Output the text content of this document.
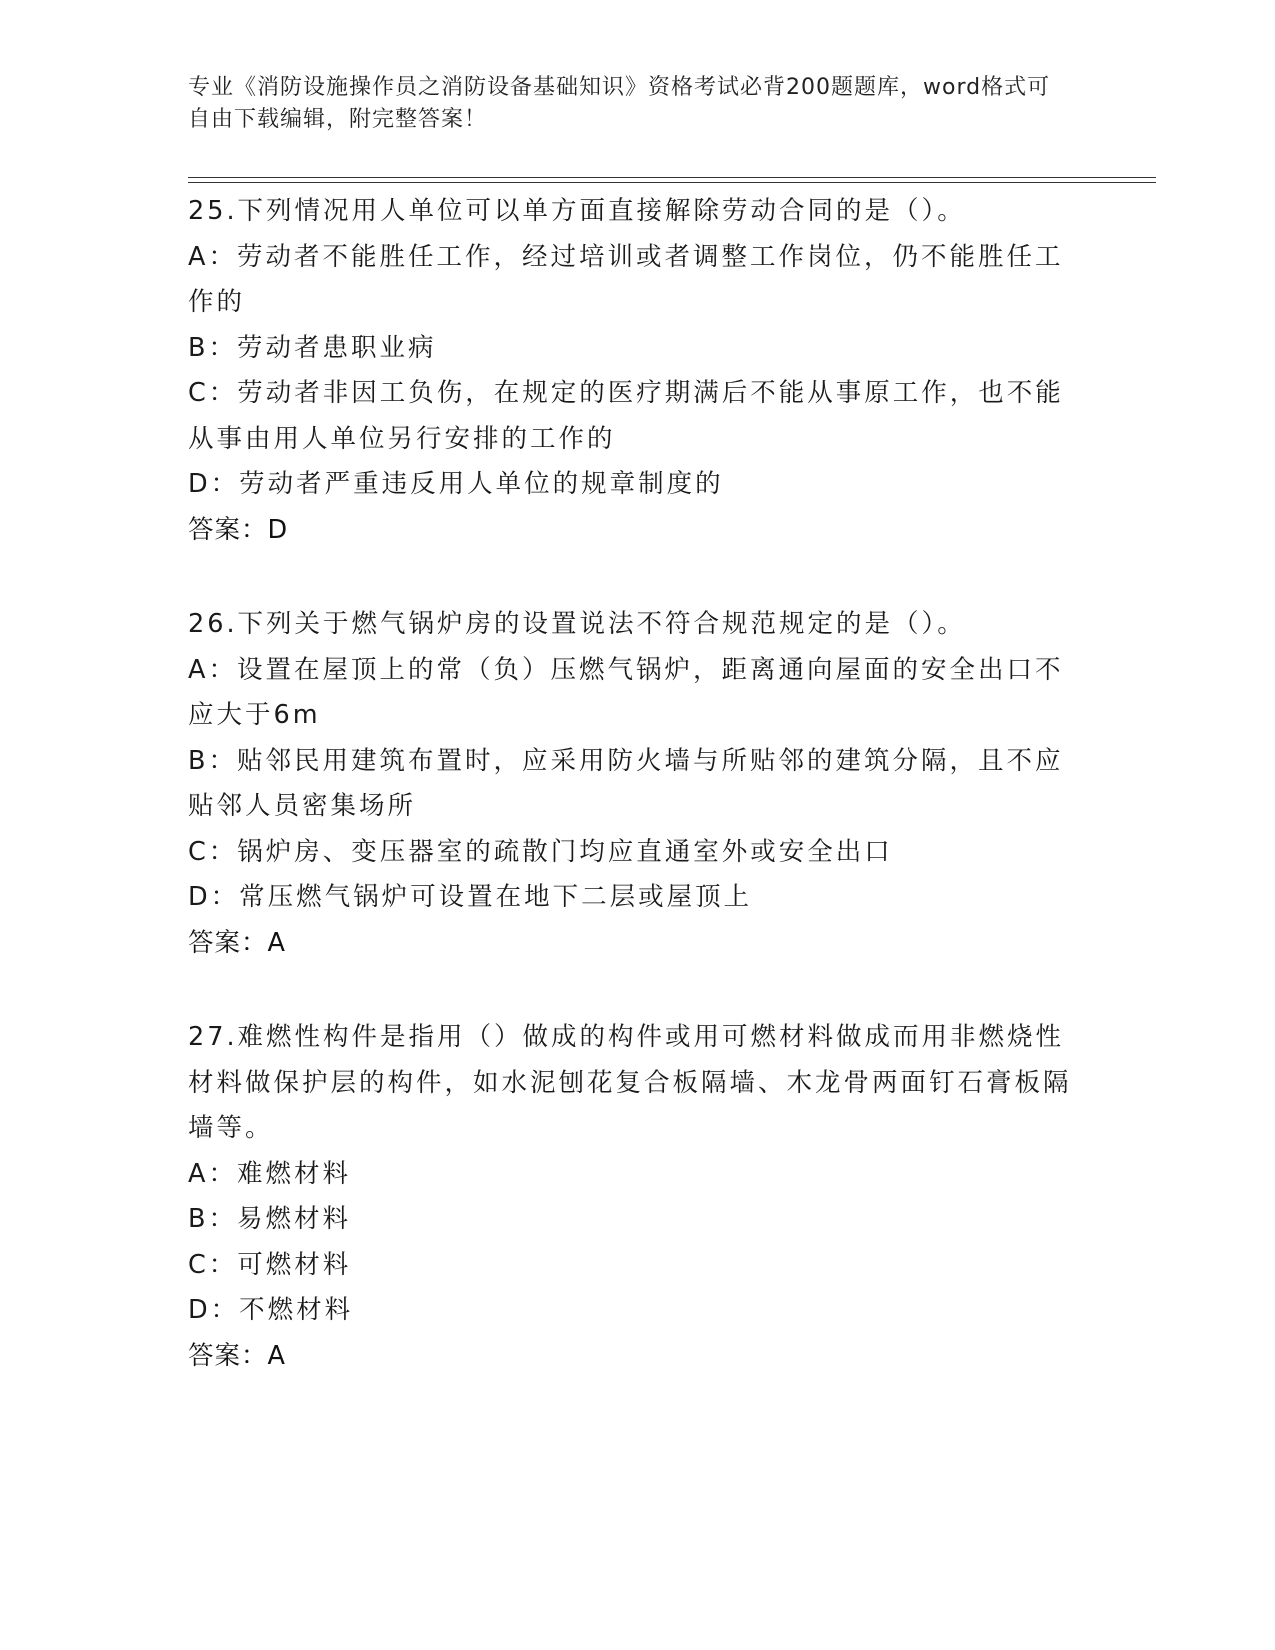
专业《消防设施操作员之消防设备基础知识》资格考试必背200题题库，word格式可自由下载编辑，附完整答案！
25.下列情况用人单位可以单方面直接解除劳动合同的是（）。
A：劳动者不能胜任工作，经过培训或者调整工作岗位，仍不能胜任工作的
B：劳动者患职业病
C：劳动者非因工负伤，在规定的医疗期满后不能从事原工作，也不能从事由用人单位另行安排的工作的
D：劳动者严重违反用人单位的规章制度的
答案：D
26.下列关于燃气锅炉房的设置说法不符合规范规定的是（）。
A：设置在屋顶上的常（负）压燃气锅炉，距离通向屋面的安全出口不应大于6m
B：贴邻民用建筑布置时，应采用防火墙与所贴邻的建筑分隔，且不应贴邻人员密集场所
C：锅炉房、变压器室的疏散门均应直通室外或安全出口
D：常压燃气锅炉可设置在地下二层或屋顶上
答案：A
27.难燃性构件是指用（）做成的构件或用可燃材料做成而用非燃烧性材料做保护层的构件，如水泥刨花复合板隔墙、木龙骨两面钉石膏板隔墙等。
A：难燃材料
B：易燃材料
C：可燃材料
D：不燃材料
答案：A
